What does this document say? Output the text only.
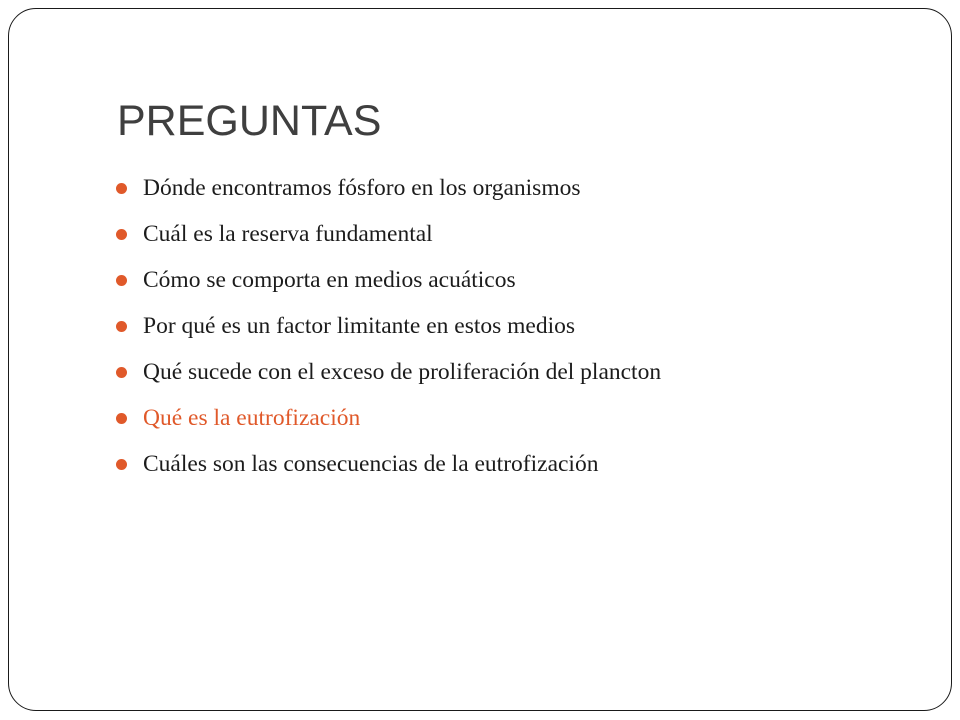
PREGUNTAS
Dónde encontramos fósforo en los organismos
Cuál es la reserva fundamental
Cómo se comporta en medios acuáticos
Por qué es un factor limitante en estos medios
Qué sucede con el exceso de proliferación del plancton
Qué es la eutrofización
Cuáles son las consecuencias de la eutrofización
